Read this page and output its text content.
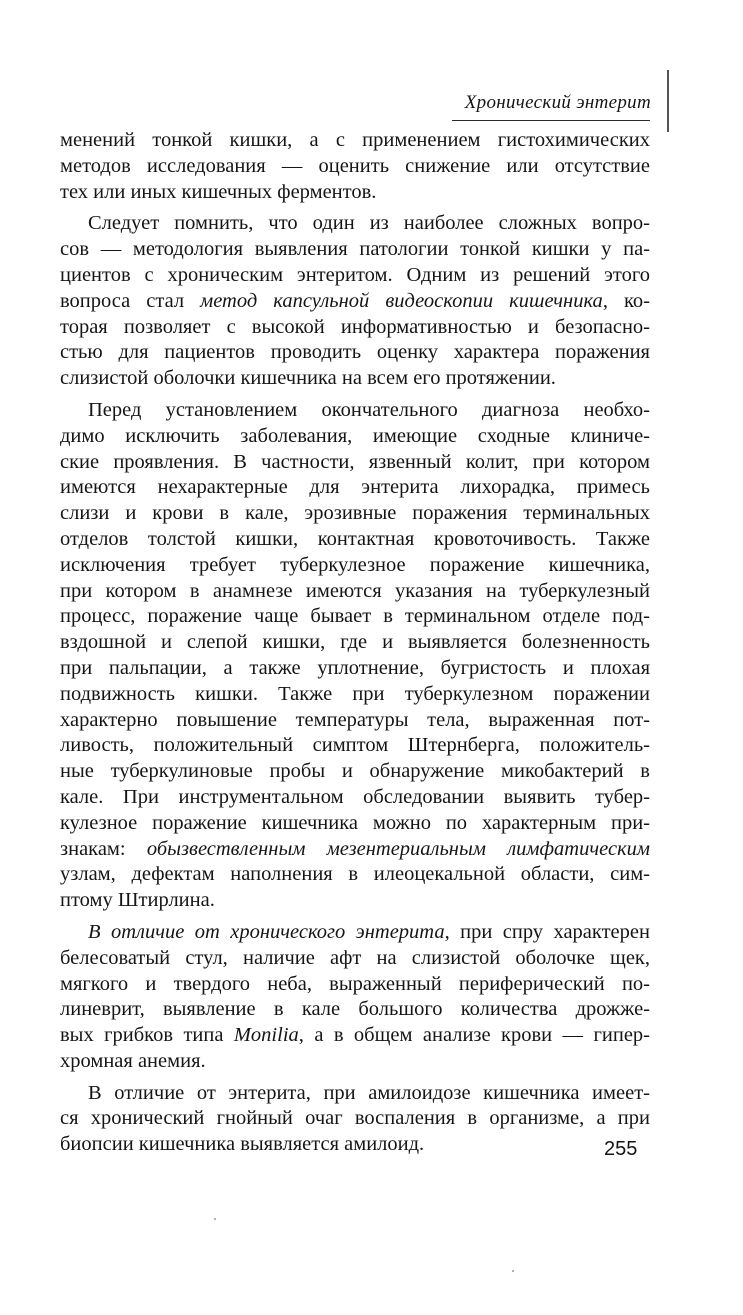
Хронический энтерит
менений тонкой кишки, а с применением гистохимических
методов исследования — оценить снижение или отсутствие
тех или иных кишечных ферментов.
Следует помнить, что один из наиболее сложных вопро-
сов — методология выявления патологии тонкой кишки у па-
циентов с хроническим энтеритом. Одним из решений этого
вопроса стал метод капсульной видеоскопии кишечника, ко-
торая позволяет с высокой информативностью и безопасно-
стью для пациентов проводить оценку характера поражения
слизистой оболочки кишечника на всем его протяжении.
Перед установлением окончательного диагноза необхо-
димо исключить заболевания, имеющие сходные клиниче-
ские проявления. В частности, язвенный колит, при котором
имеются нехарактерные для энтерита лихорадка, примесь
слизи и крови в кале, эрозивные поражения терминальных
отделов толстой кишки, контактная кровоточивость. Также
исключения требует туберкулезное поражение кишечника,
при котором в анамнезе имеются указания на туберкулезный
процесс, поражение чаще бывает в терминальном отделе под-
вздошной и слепой кишки, где и выявляется болезненность
при пальпации, а также уплотнение, бугристость и плохая
подвижность кишки. Также при туберкулезном поражении
характерно повышение температуры тела, выраженная пот-
ливость, положительный симптом Штернберга, положитель-
ные туберкулиновые пробы и обнаружение микобактерий в
кале. При инструментальном обследовании выявить тубер-
кулезное поражение кишечника можно по характерным при-
знакам: обызвествленным мезентериальным лимфатическим
узлам, дефектам наполнения в илеоцекальной области, сим-
птому Штирлина.
В отличие от хронического энтерита, при спру характерен
белесоватый стул, наличие афт на слизистой оболочке щек,
мягкого и твердого неба, выраженный периферический по-
линеврит, выявление в кале большого количества дрожже-
вых грибков типа Monilia, а в общем анализе крови — гипер-
хромная анемия.
В отличие от энтерита, при амилоидозе кишечника имеет-
ся хронический гнойный очаг воспаления в организме, а при
биопсии кишечника выявляется амилоид.	255
